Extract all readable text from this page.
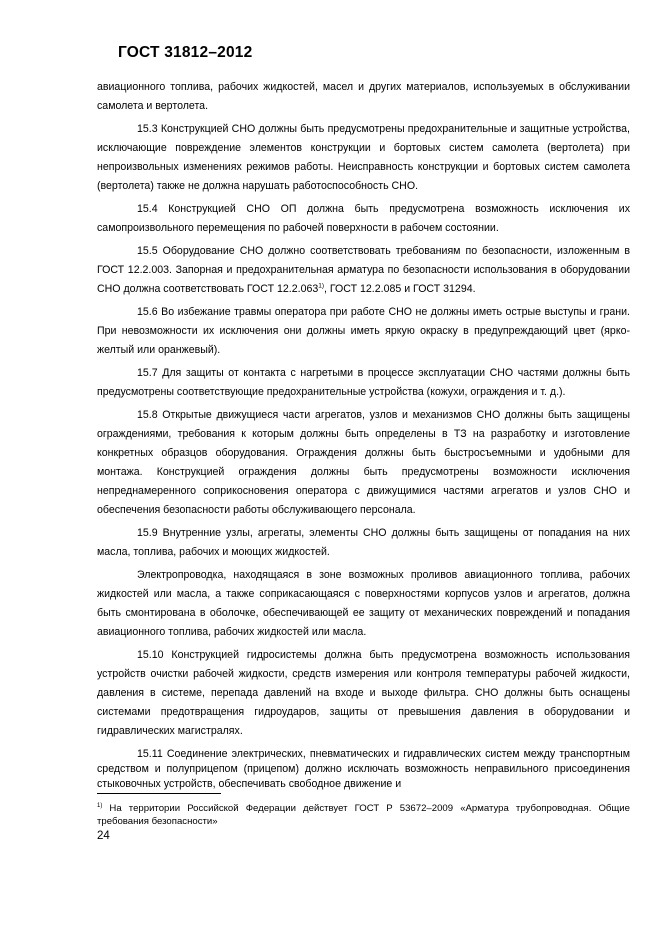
ГОСТ 31812–2012

авиационного топлива, рабочих жидкостей, масел и других материалов, используемых в обслуживании самолета и вертолета.

15.3 Конструкцией СНО должны быть предусмотрены предохранительные и защитные устройства, исключающие повреждение элементов конструкции и бортовых систем самолета (вертолета) при непроизвольных изменениях режимов работы. Неисправность конструкции и бортовых систем самолета (вертолета) также не должна нарушать работоспособность СНО.

15.4 Конструкцией СНО ОП должна быть предусмотрена возможность исключения их самопроизвольного перемещения по рабочей поверхности в рабочем состоянии.

15.5 Оборудование СНО должно соответствовать требованиям по безопасности, изложенным в ГОСТ 12.2.003. Запорная и предохранительная арматура по безопасности использования в оборудовании СНО должна соответствовать ГОСТ 12.2.063$^{1)}$, ГОСТ 12.2.085 и ГОСТ 31294.

15.6 Во избежание травмы оператора при работе СНО не должны иметь острые выступы и грани. При невозможности их исключения они должны иметь яркую окраску в предупреждающий цвет (ярко-желтый или оранжевый).

15.7 Для защиты от контакта с нагретыми в процессе эксплуатации СНО частями должны быть предусмотрены соответствующие предохранительные устройства (кожухи, ограждения и т. д.).

15.8 Открытые движущиеся части агрегатов, узлов и механизмов СНО должны быть защищены ограждениями, требования к которым должны быть определены в ТЗ на разработку и изготовление конкретных образцов оборудования. Ограждения должны быть быстросъемными и удобными для монтажа. Конструкцией ограждения должны быть предусмотрены возможности исключения непреднамеренного соприкосновения оператора с движущимися частями агрегатов и узлов СНО и обеспечения безопасности работы обслуживающего персонала.

15.9 Внутренние узлы, агрегаты, элементы СНО должны быть защищены от попадания на них масла, топлива, рабочих и моющих жидкостей.

Электропроводка, находящаяся в зоне возможных проливов авиационного топлива, рабочих жидкостей или масла, а также соприкасающаяся с поверхностями корпусов узлов и агрегатов, должна быть смонтирована в оболочке, обеспечивающей ее защиту от механических повреждений и попадания авиационного топлива, рабочих жидкостей или масла.

15.10 Конструкцией гидросистемы должна быть предусмотрена возможность использования устройств очистки рабочей жидкости, средств измерения или контроля температуры рабочей жидкости, давления в системе, перепада давлений на входе и выходе фильтра. СНО должны быть оснащены системами предотвращения гидроударов, защиты от превышения давления в оборудовании и гидравлических магистралях.

15.11 Соединение электрических, пневматических и гидравлических систем между транспортным средством и полуприцепом (прицепом) должно исключать возможность неправильного присоединения стыковочных устройств, обеспечивать свободное движение и

$^{1)}$ На территории Российской Федерации действует ГОСТ Р 53672–2009 «Арматура трубопроводная. Общие требования безопасности»
24
